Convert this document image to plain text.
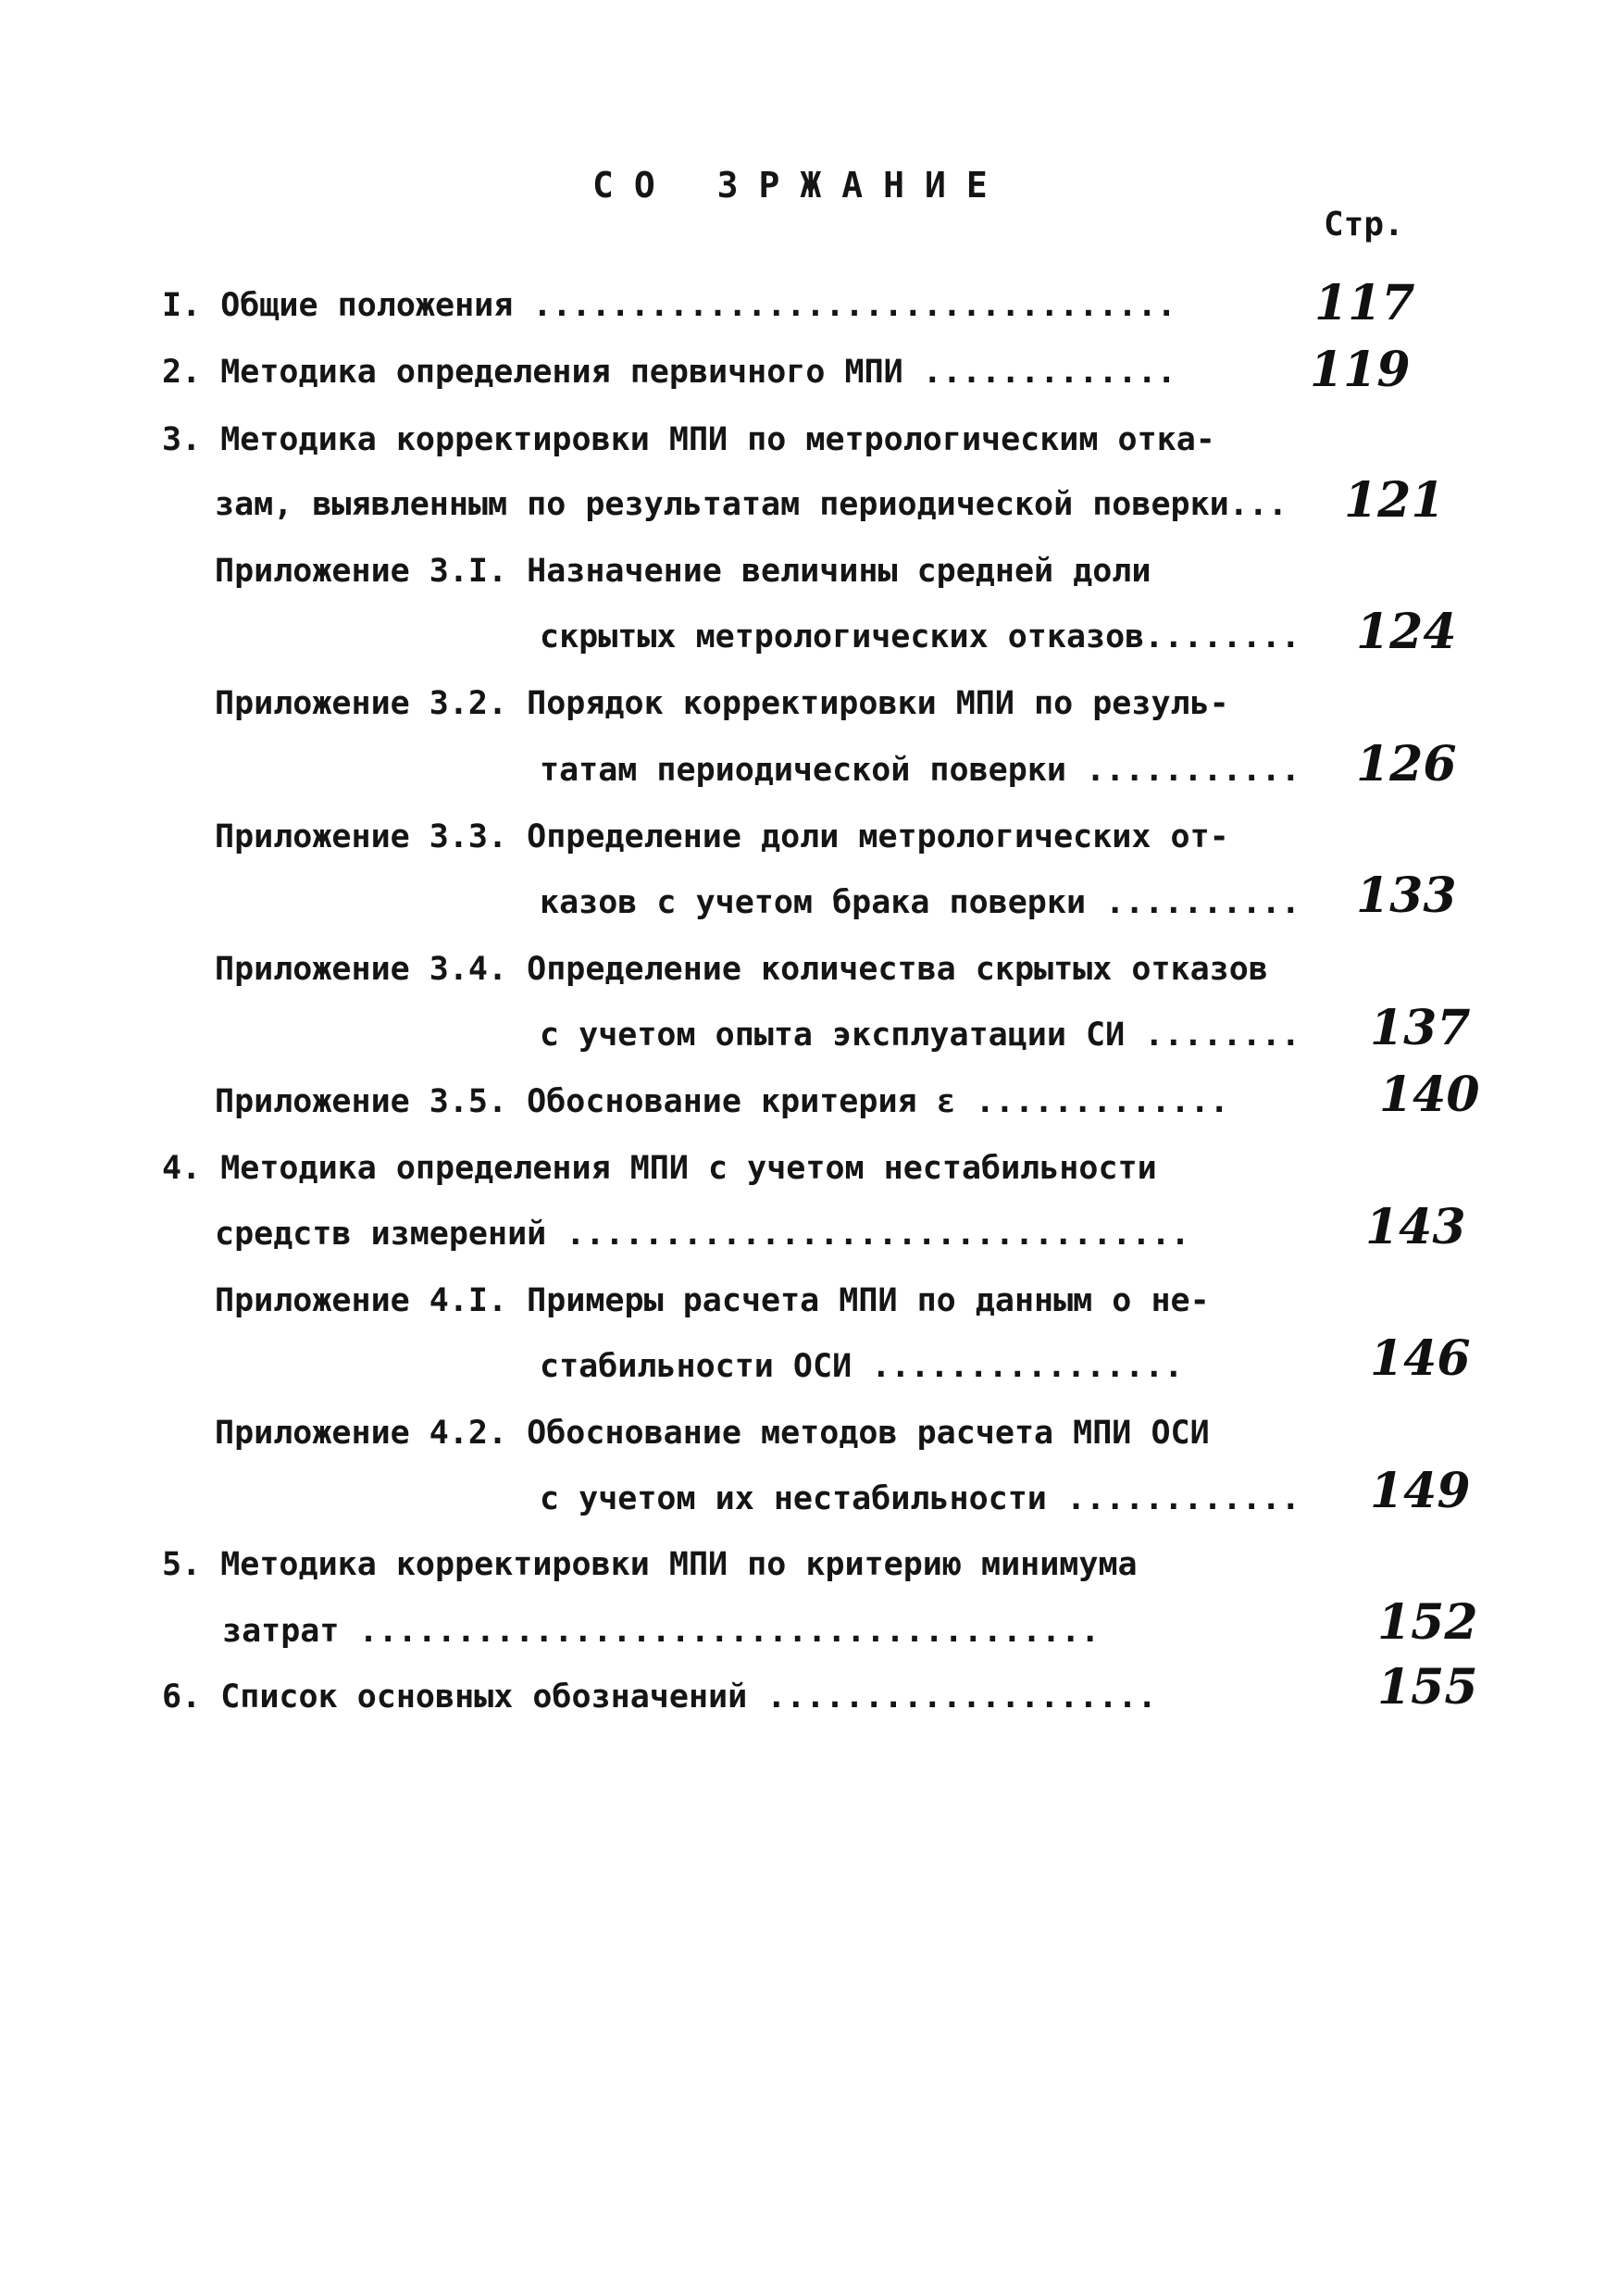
СО ЗРЖАНИЕ
Стр.
I. Общие положения .................................	117
2. Методика определения первичного МПИ .............	119
3. Методика корректировки МПИ по метрологическим отка-
зам, выявленным по результатам периодической поверки... 121
Приложение 3.I. Назначение величины средней доли
скрытых метрологических отказов........ 124
Приложение 3.2. Порядок корректировки МПИ по резуль-
татам периодической поверки ........... 126
Приложение 3.3. Определение доли метрологических от-
казов с учетом брака поверки .......... 133
Приложение 3.4. Определение количества скрытых отказов
с учетом опыта эксплуатации СИ ........ 137
Приложение 3.5. Обоснование критерия ε .............	140
4. Методика определения МПИ с учетом нестабильности
средств измерений ................................	143
Приложение 4.I. Примеры расчета МПИ по данным о не-
стабильности ОСИ ................	146
Приложение 4.2. Обоснование методов расчета МПИ ОСИ
с учетом их нестабильности ............ 149
5. Методика корректировки МПИ по критерию минимума
затрат ......................................	152
6. Список основных обозначений ....................	155
